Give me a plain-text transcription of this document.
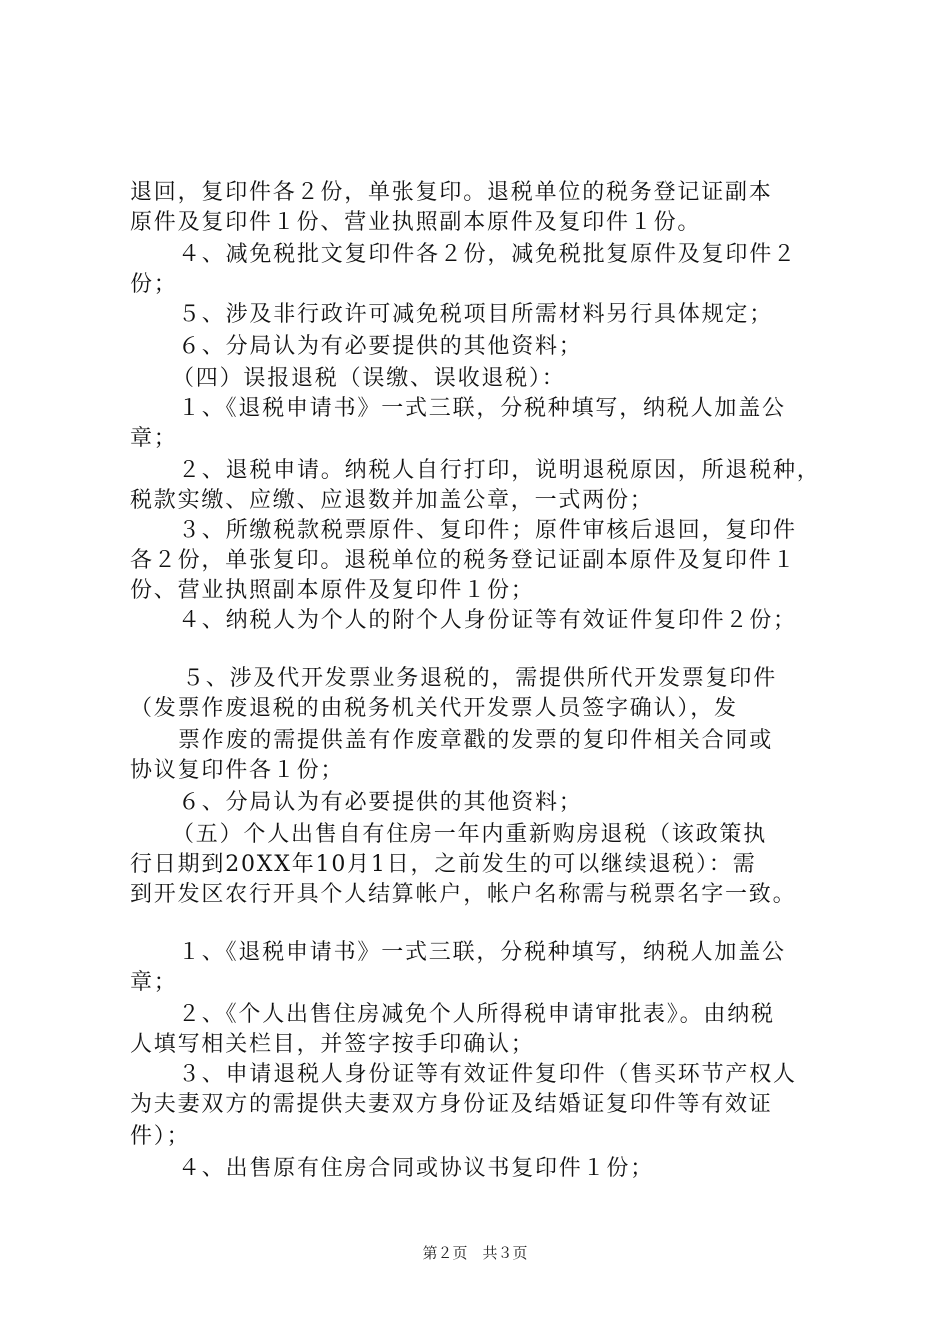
退回，复印件各２份，单张复印。退税单位的税务登记证副本
原件及复印件１份、营业执照副本原件及复印件１份。
４、减免税批文复印件各２份，减免税批复原件及复印件２
份；
５、涉及非行政许可减免税项目所需材料另行具体规定；
６、分局认为有必要提供的其他资料；
（四）误报退税（误缴、误收退税）：
１、《退税申请书》一式三联，分税种填写，纳税人加盖公
章；
２、退税申请。纳税人自行打印，说明退税原因，所退税种，
税款实缴、应缴、应退数并加盖公章，一式两份；
３、所缴税款税票原件、复印件；原件审核后退回，复印件
各２份，单张复印。退税单位的税务登记证副本原件及复印件１
份、营业执照副本原件及复印件１份；
４、纳税人为个人的附个人身份证等有效证件复印件２份；
５、涉及代开发票业务退税的，需提供所代开发票复印件
（发票作废退税的由税务机关代开发票人员签字确认），发
票作废的需提供盖有作废章戳的发票的复印件相关合同或
协议复印件各１份；
６、分局认为有必要提供的其他资料；
（五）个人出售自有住房一年内重新购房退税（该政策执
行日期到20XX年10月1日，之前发生的可以继续退税）：需
到开发区农行开具个人结算帐户，帐户名称需与税票名字一致。
１、《退税申请书》一式三联，分税种填写，纳税人加盖公
章；
２、《个人出售住房减免个人所得税申请审批表》。由纳税
人填写相关栏目，并签字按手印确认；
３、申请退税人身份证等有效证件复印件（售买环节产权人
为夫妻双方的需提供夫妻双方身份证及结婚证复印件等有效证
件）；
４、出售原有住房合同或协议书复印件１份；
第２页　共３页
